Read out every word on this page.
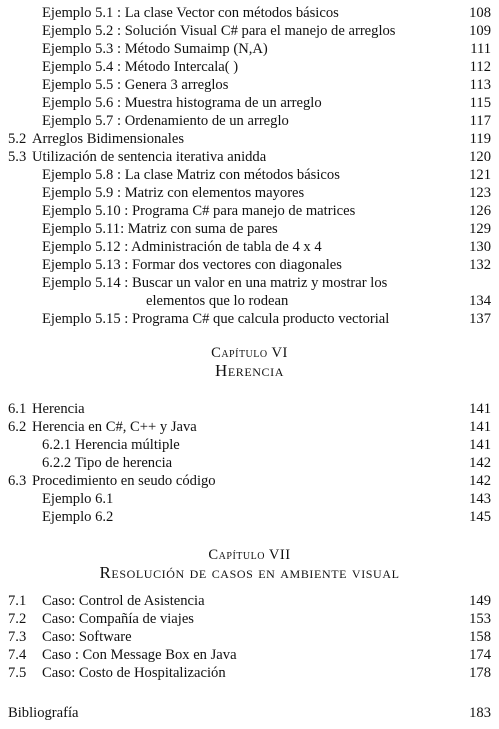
Ejemplo 5.1 : La clase Vector con métodos básicos	108
Ejemplo 5.2 : Solución Visual C# para el manejo de arreglos	109
Ejemplo 5.3 : Método Sumaimp (N,A)	111
Ejemplo 5.4 : Método Intercala( )	112
Ejemplo 5.5 : Genera 3 arreglos	113
Ejemplo 5.6 : Muestra histograma de un arreglo	115
Ejemplo 5.7 : Ordenamiento de un arreglo	117
5.2 Arreglos Bidimensionales	119
5.3 Utilización de sentencia iterativa anidda	120
Ejemplo 5.8 : La clase Matriz con métodos básicos	121
Ejemplo 5.9 : Matriz con elementos mayores	123
Ejemplo 5.10 : Programa C# para manejo de matrices	126
Ejemplo 5.11: Matriz con suma de pares	129
Ejemplo 5.12 : Administración de tabla de 4 x 4	130
Ejemplo 5.13 : Formar dos vectores con diagonales	132
Ejemplo 5.14 : Buscar un valor en una matriz y mostrar los
elementos que lo rodean	134
Ejemplo 5.15 : Programa C# que calcula producto vectorial	137
Capítulo VI
Herencia
6.1 Herencia	141
6.2 Herencia en C#, C++ y Java	141
6.2.1 Herencia múltiple	141
6.2.2 Tipo de herencia	142
6.3 Procedimiento en seudo código	142
Ejemplo 6.1	143
Ejemplo 6.2	145
Capítulo VII
Resolución de casos en ambiente visual
7.1 Caso: Control de Asistencia	149
7.2 Caso: Compañía de viajes	153
7.3 Caso: Software	158
7.4 Caso : Con Message Box en Java	174
7.5 Caso: Costo de Hospitalización	178
Bibliografía	183
